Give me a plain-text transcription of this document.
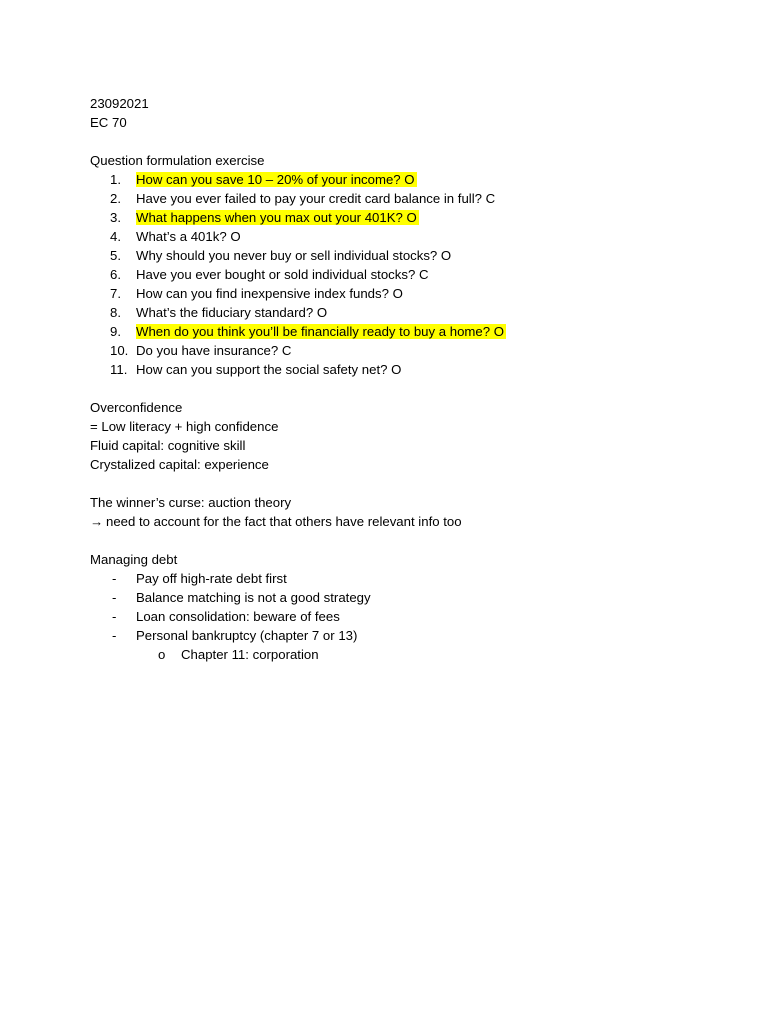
23092021
EC 70
Question formulation exercise
1.	How can you save 10 – 20% of your income? O
2.	Have you ever failed to pay your credit card balance in full? C
3.	What happens when you max out your 401K? O
4.	What’s a 401k? O
5.	Why should you never buy or sell individual stocks? O
6.	Have you ever bought or sold individual stocks? C
7.	How can you find inexpensive index funds? O
8.	What’s the fiduciary standard? O
9.	When do you think you’ll be financially ready to buy a home? O
10. Do you have insurance? C
11. How can you support the social safety net? O
Overconfidence
= Low literacy + high confidence
Fluid capital: cognitive skill
Crystalized capital: experience
The winner’s curse: auction theory
→ need to account for the fact that others have relevant info too
Managing debt
-	Pay off high-rate debt first
-	Balance matching is not a good strategy
-	Loan consolidation: beware of fees
-	Personal bankruptcy (chapter 7 or 13)
o Chapter 11: corporation
